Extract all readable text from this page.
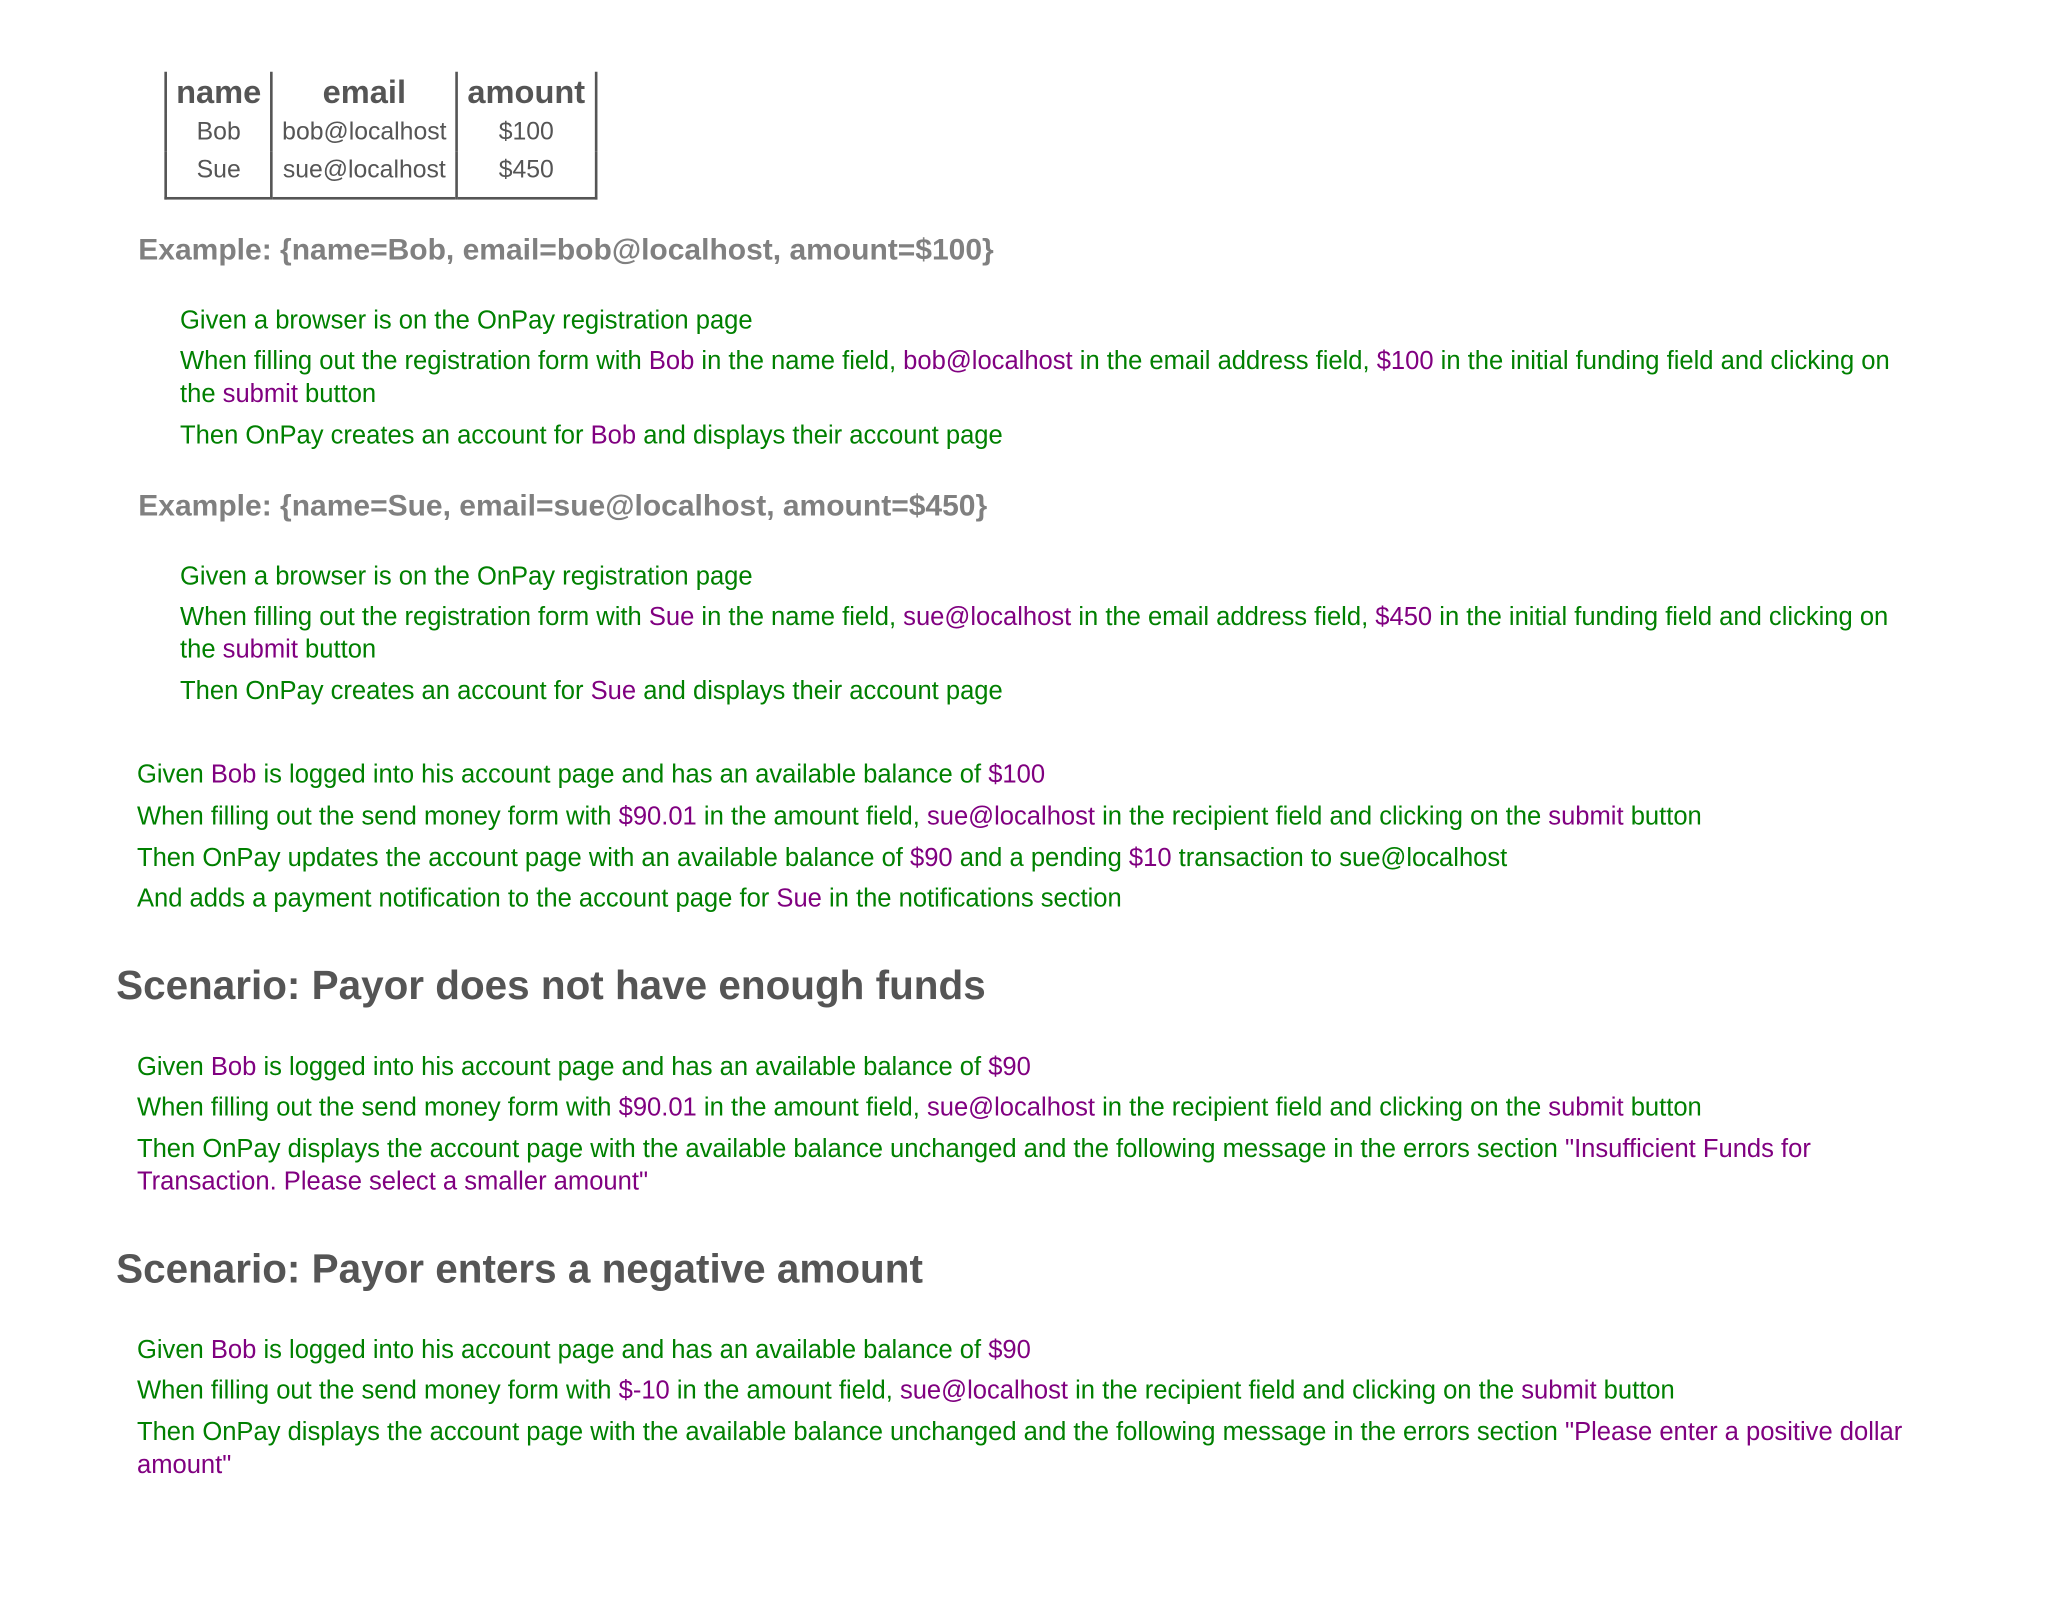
name	email	amount
Bob	bob@localhost	$100
Sue	sue@localhost	$450
Example: {name=Bob, email=bob@localhost, amount=$100}
Given a browser is on the OnPay registration page
When filling out the registration form with Bob in the name field, bob@localhost in the email address field, $100 in the initial funding field and clicking on the submit button
Then OnPay creates an account for Bob and displays their account page
Example: {name=Sue, email=sue@localhost, amount=$450}
Given a browser is on the OnPay registration page
When filling out the registration form with Sue in the name field, sue@localhost in the email address field, $450 in the initial funding field and clicking on the submit button
Then OnPay creates an account for Sue and displays their account page
Given Bob is logged into his account page and has an available balance of $100
When filling out the send money form with $90.01 in the amount field, sue@localhost in the recipient field and clicking on the submit button
Then OnPay updates the account page with an available balance of $90 and a pending $10 transaction to sue@localhost
And adds a payment notification to the account page for Sue in the notifications section
Scenario: Payor does not have enough funds
Given Bob is logged into his account page and has an available balance of $90
When filling out the send money form with $90.01 in the amount field, sue@localhost in the recipient field and clicking on the submit button
Then OnPay displays the account page with the available balance unchanged and the following message in the errors section "Insufficient Funds for Transaction. Please select a smaller amount"
Scenario: Payor enters a negative amount
Given Bob is logged into his account page and has an available balance of $90
When filling out the send money form with $-10 in the amount field, sue@localhost in the recipient field and clicking on the submit button
Then OnPay displays the account page with the available balance unchanged and the following message in the errors section "Please enter a positive dollar amount"
